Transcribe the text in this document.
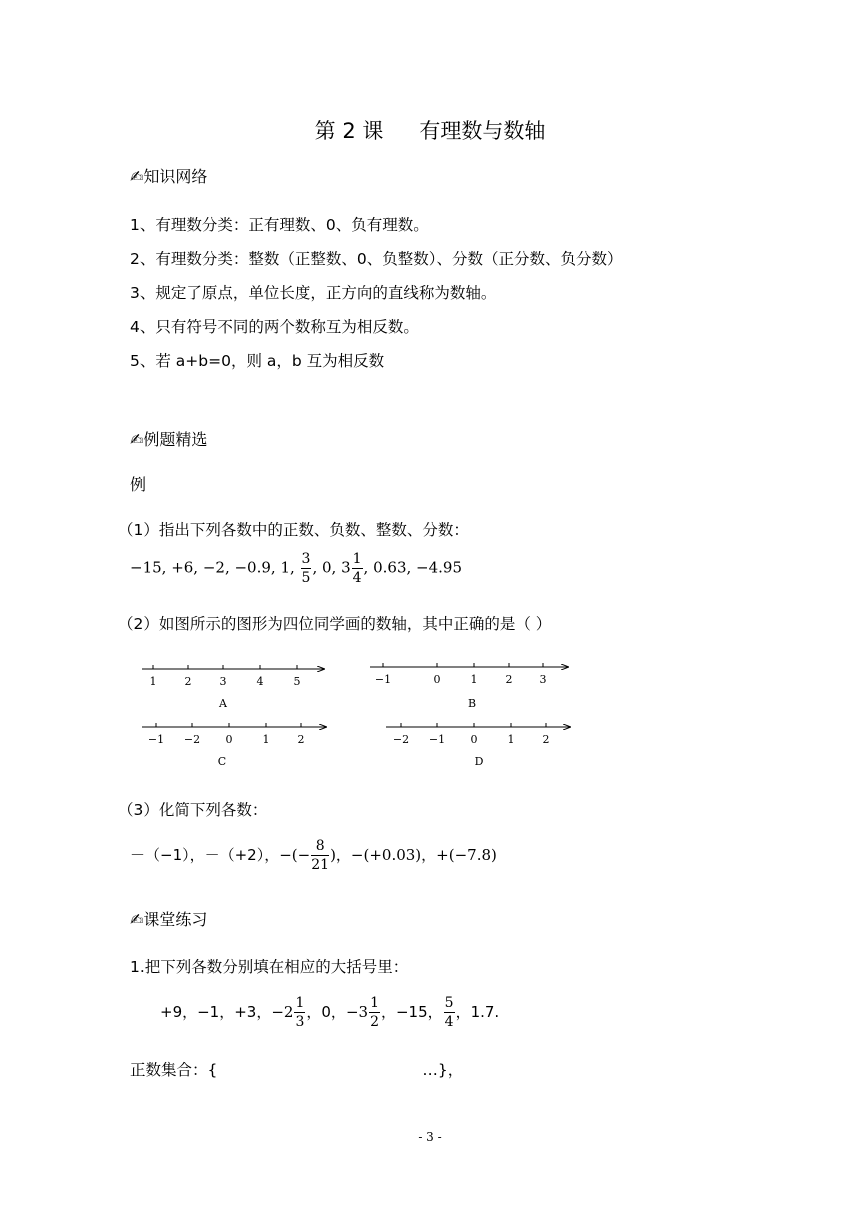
第 2 课 有理数与数轴
✍知识网络
1、有理数分类：正有理数、0、负有理数。
2、有理数分类：整数（正整数、0、负整数）、分数（正分数、负分数）
3、规定了原点，单位长度，正方向的直线称为数轴。
4、只有符号不同的两个数称互为相反数。
5、若 a+b=0，则 a，b 互为相反数
✍例题精选
例
（1）指出下列各数中的正数、负数、整数、分数：
−15, +6, −2, −0.9, 1, $\frac{3}{5}$ , 0, $3 \frac{1}{4}$ , 0.63, −4.95
（2）如图所示的图形为四位同学画的数轴，其中正确的是（ ）
1	2	3	4	5
A
−1	0	1	2 3
B
−1 −2 0	1	2
C
−2 −1 0	1	2
D
（3）化简下列各数：
－（−1），－（+2），−(− $\frac{8}{21}$ )，−(+0.03)，+(−7.8)
✍课堂练习
1.把下列各数分别填在相应的大括号里：
+9，−1，+3，$-2 \frac{1}{3}$ ，0，$-3 \frac{1}{2}$ ，−15， $\frac{5}{4}$ ，1.7.
正数集合：{	…}，
- 3 -
